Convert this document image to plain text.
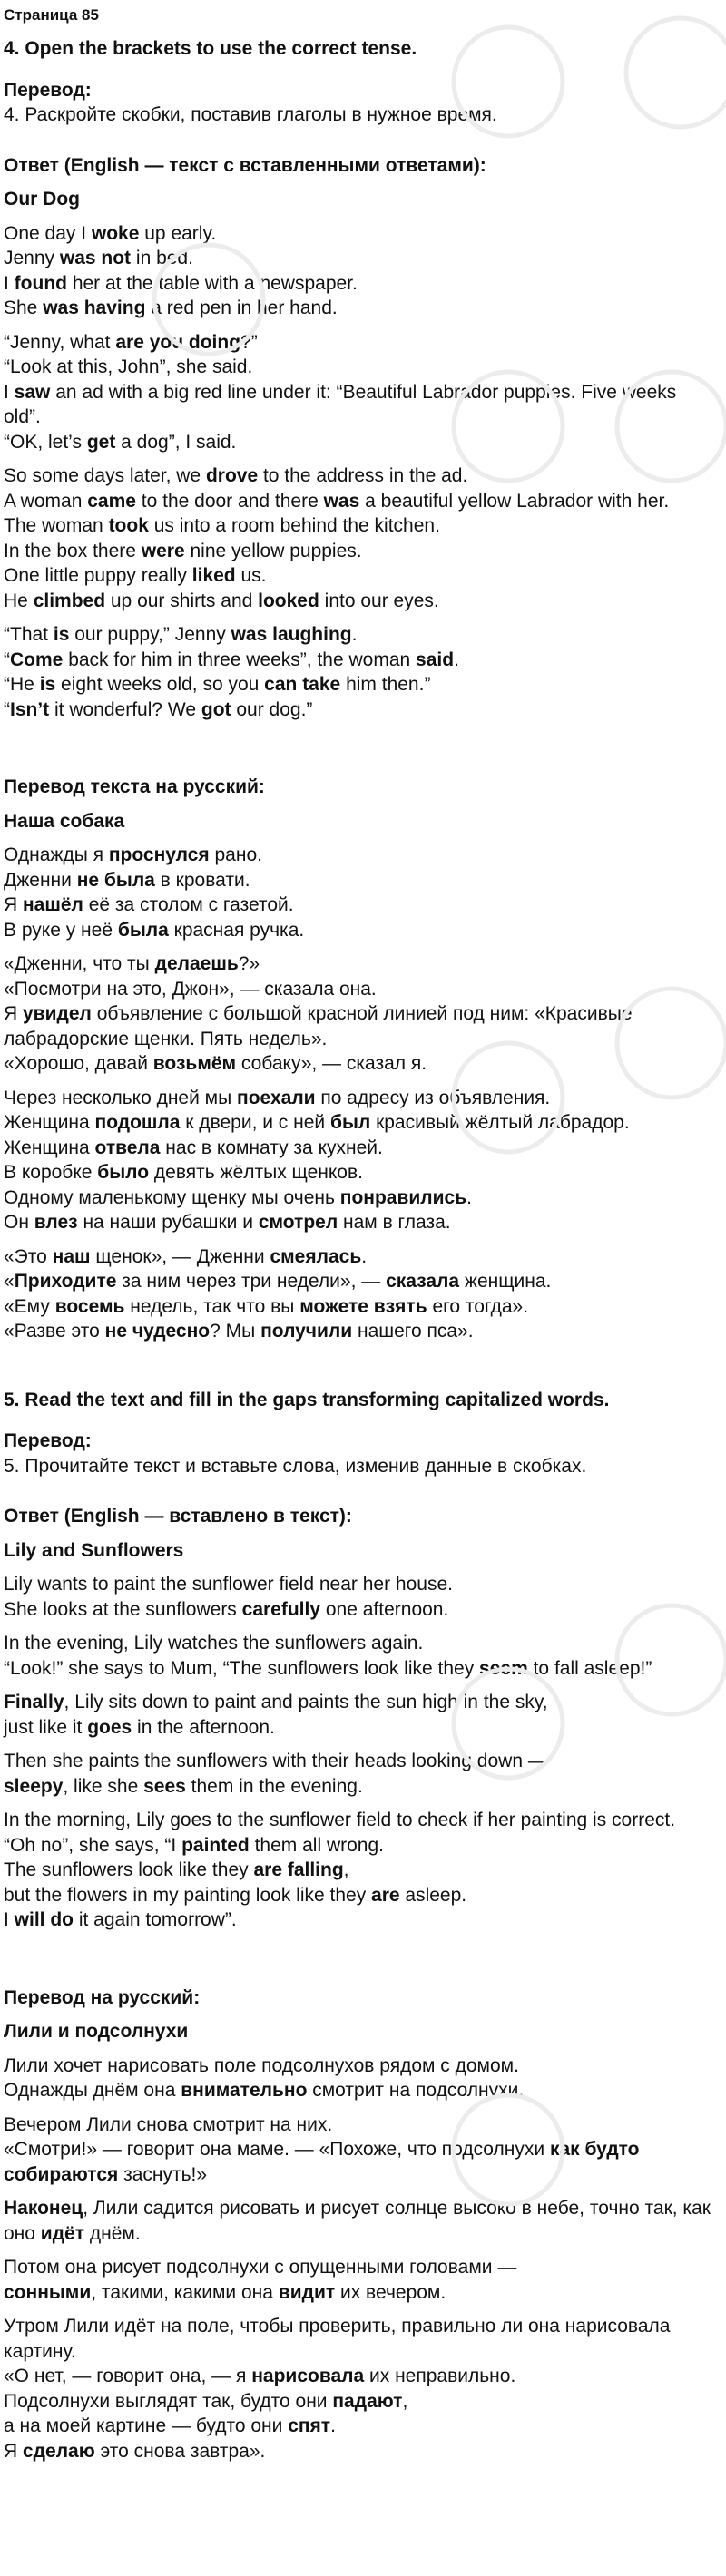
Страница 85
4. Open the brackets to use the correct tense.
Перевод:
4. Раскройте скобки, поставив глаголы в нужное время.
Ответ (English — текст с вставленными ответами):
Our Dog
One day I woke up early.
Jenny was not in bed.
I found her at the table with a newspaper.
She was having a red pen in her hand.
“Jenny, what are you doing?”
“Look at this, John”, she said.
I saw an ad with a big red line under it: “Beautiful Labrador puppies. Five weeks old”.
“OK, let’s get a dog”, I said.
So some days later, we drove to the address in the ad.
A woman came to the door and there was a beautiful yellow Labrador with her.
The woman took us into a room behind the kitchen.
In the box there were nine yellow puppies.
One little puppy really liked us.
He climbed up our shirts and looked into our eyes.
“That is our puppy,” Jenny was laughing.
“Come back for him in three weeks”, the woman said.
“He is eight weeks old, so you can take him then.”
“Isn’t it wonderful? We got our dog.”
Перевод текста на русский:
Наша собака
Однажды я проснулся рано.
Дженни не была в кровати.
Я нашёл её за столом с газетой.
В руке у неё была красная ручка.
«Дженни, что ты делаешь?»
«Посмотри на это, Джон», — сказала она.
Я увидел объявление с большой красной линией под ним: «Красивые лабрадорские щенки. Пять недель».
«Хорошо, давай возьмём собаку», — сказал я.
Через несколько дней мы поехали по адресу из объявления.
Женщина подошла к двери, и с ней был красивый жёлтый лабрадор.
Женщина отвела нас в комнату за кухней.
В коробке было девять жёлтых щенков.
Одному маленькому щенку мы очень понравились.
Он влез на наши рубашки и смотрел нам в глаза.
«Это наш щенок», — Дженни смеялась.
«Приходите за ним через три недели», — сказала женщина.
«Ему восемь недель, так что вы можете взять его тогда».
«Разве это не чудесно? Мы получили нашего пса».
5. Read the text and fill in the gaps transforming capitalized words.
Перевод:
5. Прочитайте текст и вставьте слова, изменив данные в скобках.
Ответ (English — вставлено в текст):
Lily and Sunflowers
Lily wants to paint the sunflower field near her house.
She looks at the sunflowers carefully one afternoon.
In the evening, Lily watches the sunflowers again.
“Look!” she says to Mum, “The sunflowers look like they seem to fall asleep!”
Finally, Lily sits down to paint and paints the sun high in the sky,
just like it goes in the afternoon.
Then she paints the sunflowers with their heads looking down —
sleepy, like she sees them in the evening.
In the morning, Lily goes to the sunflower field to check if her painting is correct.
“Oh no”, she says, “I painted them all wrong.
The sunflowers look like they are falling,
but the flowers in my painting look like they are asleep.
I will do it again tomorrow”.
Перевод на русский:
Лили и подсолнухи
Лили хочет нарисовать поле подсолнухов рядом с домом.
Однажды днём она внимательно смотрит на подсолнухи.
Вечером Лили снова смотрит на них.
«Смотри!» — говорит она маме. — «Похоже, что подсолнухи как будто собираются заснуть!»
Наконец, Лили садится рисовать и рисует солнце высоко в небе, точно так, как оно идёт днём.
Потом она рисует подсолнухи с опущенными головами —
сонными, такими, какими она видит их вечером.
Утром Лили идёт на поле, чтобы проверить, правильно ли она нарисовала картину.
«О нет, — говорит она, — я нарисовала их неправильно.
Подсолнухи выглядят так, будто они падают,
а на моей картине — будто они спят.
Я сделаю это снова завтра».
